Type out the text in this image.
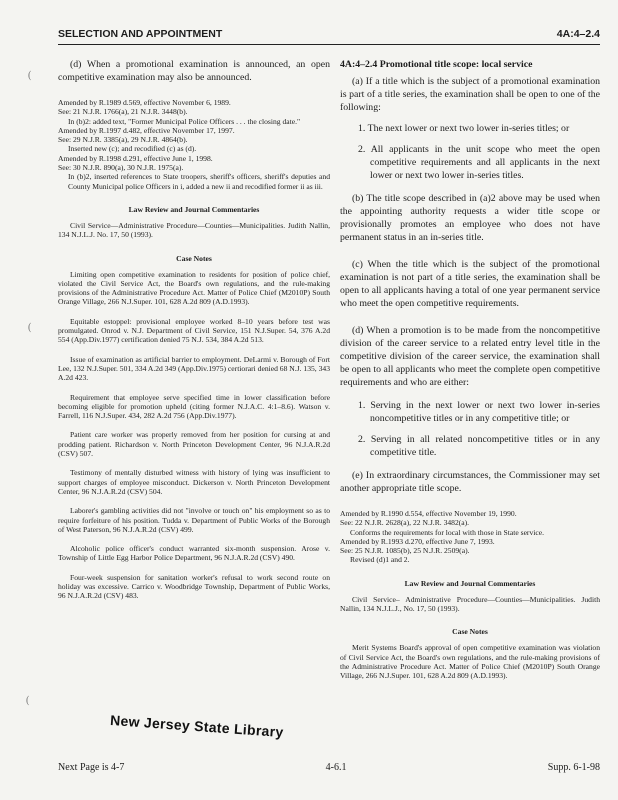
SELECTION AND APPOINTMENT	4A:4–2.4
(
(
(

(d) When a promotional examination is announced, an open competitive examination may also be announced.

Amended by R.1989 d.569, effective November 6, 1989.

See: 21 N.J.R. 1766(a), 21 N.J.R. 3448(b).

In (b)2: added text, "Former Municipal Police Officers . . . the closing date."

Amended by R.1997 d.482, effective November 17, 1997.

See: 29 N.J.R. 3385(a), 29 N.J.R. 4864(b).

Inserted new (c); and recodified (c) as (d).

Amended by R.1998 d.291, effective June 1, 1998.

See: 30 N.J.R. 890(a), 30 N.J.R. 1975(a).

In (b)2, inserted references to State troopers, sheriff's officers, sheriff's deputies and County Municipal police Officers in i, added a new ii and recodified former ii as iii.

Law Review and Journal Commentaries

Civil Service—Administrative Procedure—Counties—Municipalities. Judith Nallin, 134 N.J.L.J. No. 17, 50 (1993).

Case Notes

Limiting open competitive examination to residents for position of police chief, violated the Civil Service Act, the Board's own regulations, and the rule-making provisions of the Administrative Procedure Act. Matter of Police Chief (M2010P) South Orange Village, 266 N.J.Super. 101, 628 A.2d 809 (A.D.1993).

Equitable estoppel: provisional employee worked 8–10 years before test was promulgated. Onrod v. N.J. Department of Civil Service, 151 N.J.Super. 54, 376 A.2d 554 (App.Div.1977) certification denied 75 N.J. 534, 384 A.2d 513.

Issue of examination as artificial barrier to employment. DeLarmi v. Borough of Fort Lee, 132 N.J.Super. 501, 334 A.2d 349 (App.Div.1975) certiorari denied 68 N.J. 135, 343 A.2d 423.

Requirement that employee serve specified time in lower classification before becoming eligible for promotion upheld (citing former N.J.A.C. 4:1–8.6). Watson v. Farrell, 116 N.J.Super. 434, 282 A.2d 756 (App.Div.1977).

Patient care worker was properly removed from her position for cursing at and prodding patient. Richardson v. North Princeton Development Center, 96 N.J.A.R.2d (CSV) 507.

Testimony of mentally disturbed witness with history of lying was insufficient to support charges of employee misconduct. Dickerson v. North Princeton Development Center, 96 N.J.A.R.2d (CSV) 504.

Laborer's gambling activities did not "involve or touch on" his employment so as to require forfeiture of his position. Tudda v. Department of Public Works of the Borough of West Paterson, 96 N.J.A.R.2d (CSV) 499.

Alcoholic police officer's conduct warranted six-month suspension. Arose v. Township of Little Egg Harbor Police Department, 96 N.J.A.R.2d (CSV) 490.

Four-week suspension for sanitation worker's refusal to work second route on holiday was excessive. Carrico v. Woodbridge Township, Department of Public Works, 96 N.J.A.R.2d (CSV) 483.

4A:4–2.4 Promotional title scope: local service

(a) If a title which is the subject of a promotional examination is part of a title series, the examination shall be open to one of the following:

1. The next lower or next two lower in-series titles; or

2. All applicants in the unit scope who meet the open competitive requirements and all applicants in the next lower or next two lower in-series titles.

(b) The title scope described in (a)2 above may be used when the appointing authority requests a wider title scope or provisionally promotes an employee who does not have permanent status in an in-series title.

(c) When the title which is the subject of the promotional examination is not part of a title series, the examination shall be open to all applicants having a total of one year permanent service who meet the open competitive requirements.

(d) When a promotion is to be made from the noncompetitive division of the career service to a related entry level title in the competitive division of the career service, the examination shall be open to all applicants who meet the complete open competitive requirements and who are either:

1. Serving in the next lower or next two lower in-series noncompetitive titles or in any competitive title; or

2. Serving in all related noncompetitive titles or in any competitive title.

(e) In extraordinary circumstances, the Commissioner may set another appropriate title scope.

Amended by R.1990 d.554, effective November 19, 1990.

See: 22 N.J.R. 2628(a), 22 N.J.R. 3482(a).

Conforms the requirements for local with those in State service.

Amended by R.1993 d.270, effective June 7, 1993.

See: 25 N.J.R. 1085(b), 25 N.J.R. 2509(a).

Revised (d)1 and 2.

Law Review and Journal Commentaries

Civil Service– Administrative Procedure—Counties—Municipalities. Judith Nallin, 134 N.J.L.J., No. 17, 50 (1993).

Case Notes

Merit Systems Board's approval of open competitive examination was violation of Civil Service Act, the Board's own regulations, and the rule-making provisions of the Administrative Procedure Act. Matter of Police Chief (M2010P) South Orange Village, 266 N.J.Super. 101, 628 A.2d 809 (A.D.1993).

New Jersey State Library
Next Page is 4-7	4-6.1	Supp. 6-1-98
